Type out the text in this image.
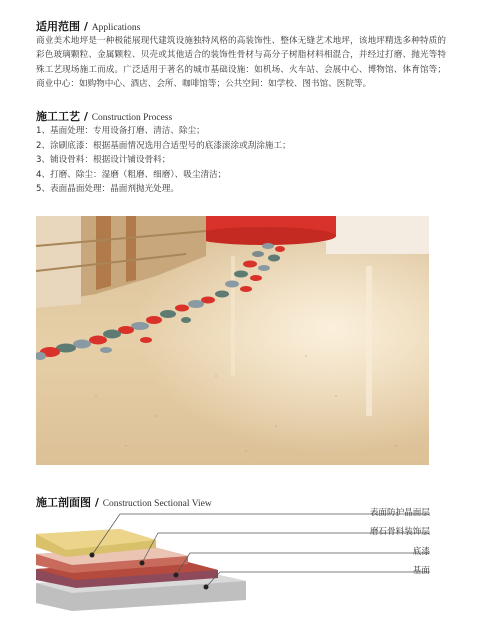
适用范围 / Applications
商业美术地坪是一种极能展现代建筑设施独特风格的高装饰性、整体无缝艺术地坪，该地坪精选多种特质的彩色玻璃颗粒、金属颗粒、贝壳或其他适合的装饰性骨材与高分子树脂材料相混合，并经过打磨、抛光等特殊工艺现场施工而成。广泛适用于著名的城市基础设施：如机场、火车站、会展中心、博物馆、体育馆等；商业中心：如购物中心、酒店、会所、咖啡馆等；公共空间：如学校、图书馆、医院等。
施工工艺 / Construction Process
1、基面处理：专用设备打磨、清洁、除尘；
2、涂刷底漆：根据基面情况选用合适型号的底漆滚涂或刮涂施工；
3、铺设骨料：根据设计铺设骨料；
4、打磨、除尘：湿磨（粗磨、细磨）、吸尘清洁；
5、表面晶面处理：晶面剂抛光处理。
施工剖面图 / Construction Sectional View
表面防护晶面层
磨石骨料装饰层
底漆
基面
